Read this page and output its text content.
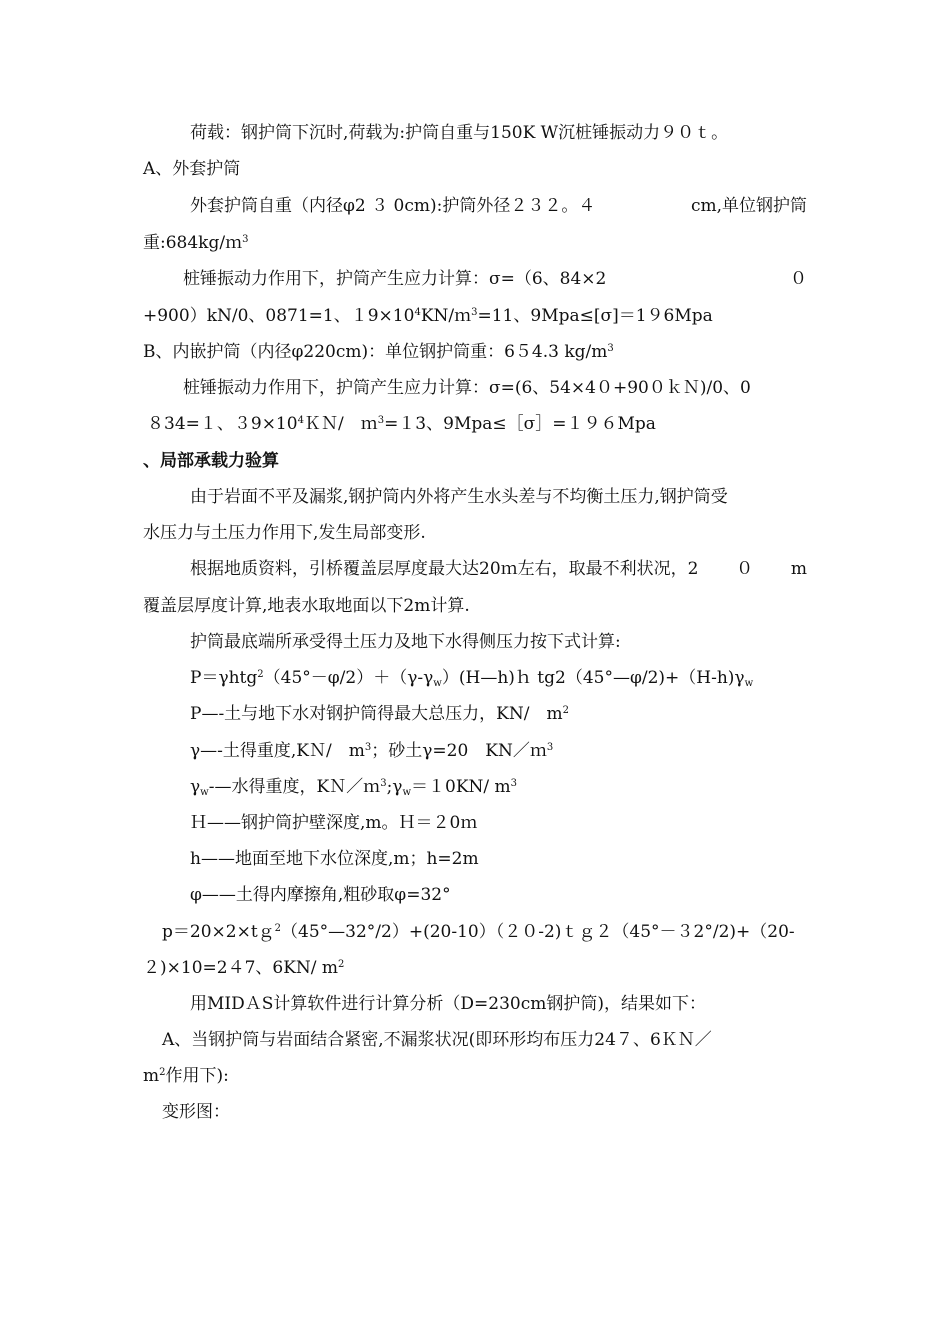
荷载：钢护筒下沉时,荷载为:护筒自重与150K W沉桩锤振动力９０ｔ。
A、外套护筒
外套护筒自重（内径φ2 ３ 0cm):护筒外径２３２。４	cm,单位钢护筒
重:684kg/ｍ$^3$
桩锤振动力作用下，护筒产生应力计算：σ=（6、84×2	０
+900）kN/0、0871=1、$19\times 10^4KN/m^3=11$、9Mpa≤[σ]＝1９6Mpa
B、内嵌护筒（内径φ220cm)：单位钢护筒重：6５4.3 $kg/m^3$
桩锤振动力作用下，护筒产生应力计算：σ=(6、54×4０+90０ｋＮ)/0、0
８34=１、$39\times 10^4KN/$　ｍ$^3$=１3、9Mpa≤［σ］=１９６Mpa
、局部承载力验算
由于岩面不平及漏浆,钢护筒内外将产生水头差与不均衡土压力,钢护筒受
水压力与土压力作用下,发生局部变形.
根据地质资料，引桥覆盖层厚度最大达20ｍ左右，取最不利状况，2 ０ m
覆盖层厚度计算,地表水取地面以下2m计算.
护筒最底端所承受得土压力及地下水得侧压力按下式计算:
$P=\gamma htg^2(45^\circ-\varphi/2)+(\gamma-\gamma_w)(H—h)h$ $tg2(45^\circ—\varphi/2)+(H-h)\gamma_w$
P—-土与地下水对钢护筒得最大总压力，KN/　$m^2$
γ—-土得重度,KＮ/　$m^3$；砂土γ=20　KN／ｍ$^3$
$\gamma_w-—$水得重度，$KN/m^3;\gamma_w=10KN/$ $m^3$
Ｈ——钢护筒护壁深度,m。Ｈ＝２0ｍ
h——地面至地下水位深度,m；h=2m
φ——土得内摩擦角,粗砂取φ=32°
p＝20×2×tｇ$^2$（45°—32°/2）+(20-10）（２０-2)ｔｇ２（45°－３2°/2)+（20-
２)×10=2４7、6KN/ $m^2$
用MIDＡS计算软件进行计算分析（D=230cm钢护筒)，结果如下：
A、当钢护筒与岩面结合紧密,不漏浆状况(即环形均布压力24７、6ＫＮ／
$m^2$作用下):
变形图：
